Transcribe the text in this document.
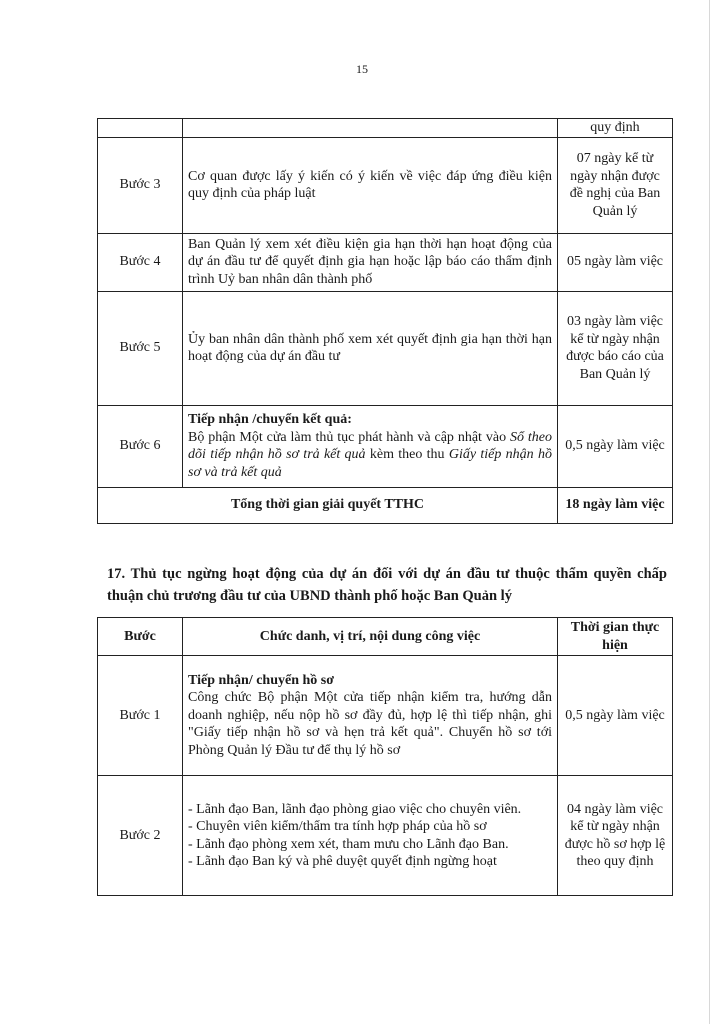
15
		quy định
Bước 3	Cơ quan được lấy ý kiến có ý kiến về việc đáp ứng điều kiện quy định của pháp luật	07 ngày kể từ ngày nhận được đề nghị của Ban Quản lý
Bước 4	Ban Quản lý xem xét điều kiện gia hạn thời hạn hoạt động của dự án đầu tư để quyết định gia hạn hoặc lập báo cáo thẩm định trình Uỷ ban nhân dân thành phố	05 ngày làm việc
Bước 5	Ủy ban nhân dân thành phố xem xét quyết định gia hạn thời hạn hoạt động của dự án đầu tư	03 ngày làm việc kể từ ngày nhận được báo cáo của Ban Quản lý
Bước 6	Tiếp nhận /chuyển kết quả:
Bộ phận Một cửa làm thủ tục phát hành và cập nhật vào Sổ theo dõi tiếp nhận hồ sơ trả kết quả kèm theo thu Giấy tiếp nhận hồ sơ và trả kết quả	0,5 ngày làm việc
Tổng thời gian giải quyết TTHC		18 ngày làm việc
17. Thủ tục ngừng hoạt động của dự án đối với dự án đầu tư thuộc thẩm quyền chấp thuận chủ trương đầu tư của UBND thành phố hoặc Ban Quản lý
Bước	Chức danh, vị trí, nội dung công việc	Thời gian thực hiện
Bước 1	Tiếp nhận/ chuyển hồ sơ
Công chức Bộ phận Một cửa tiếp nhận kiểm tra, hướng dẫn doanh nghiệp, nếu nộp hồ sơ đầy đủ, hợp lệ thì tiếp nhận, ghi "Giấy tiếp nhận hồ sơ và hẹn trả kết quả". Chuyển hồ sơ tới Phòng Quản lý Đầu tư để thụ lý hồ sơ	0,5 ngày làm việc
Bước 2	- Lãnh đạo Ban, lãnh đạo phòng giao việc cho chuyên viên.
- Chuyên viên kiểm/thẩm tra tính hợp pháp của hồ sơ
- Lãnh đạo phòng xem xét, tham mưu cho Lãnh đạo Ban.
- Lãnh đạo Ban ký và phê duyệt quyết định ngừng hoạt	04 ngày làm việc kể từ ngày nhận được hồ sơ hợp lệ theo quy định
